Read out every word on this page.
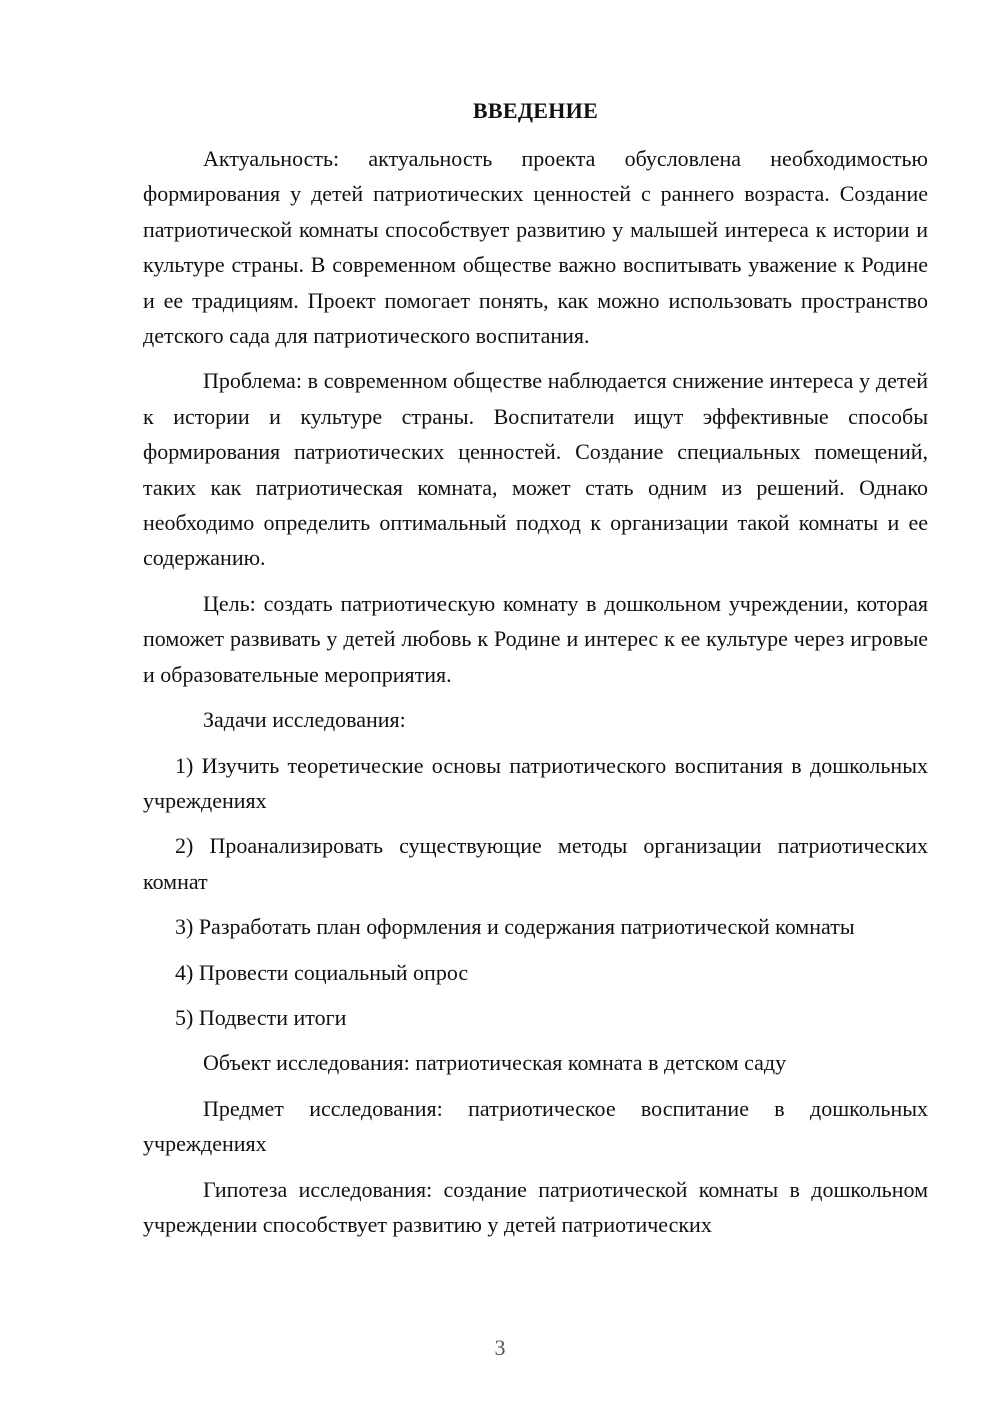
ВВЕДЕНИЕ

Актуальность: актуальность проекта обусловлена необходимостью формирования у детей патриотических ценностей с раннего возраста. Создание патриотической комнаты способствует развитию у малышей интереса к истории и культуре страны. В современном обществе важно воспитывать уважение к Родине и ее традициям. Проект помогает понять, как можно использовать пространство детского сада для патриотического воспитания.

Проблема: в современном обществе наблюдается снижение интереса у детей к истории и культуре страны. Воспитатели ищут эффективные способы формирования патриотических ценностей. Создание специальных помещений, таких как патриотическая комната, может стать одним из решений. Однако необходимо определить оптимальный подход к организации такой комнаты и ее содержанию.

Цель: создать патриотическую комнату в дошкольном учреждении, которая поможет развивать у детей любовь к Родине и интерес к ее культуре через игровые и образовательные мероприятия.

Задачи исследования:

1) Изучить теоретические основы патриотического воспитания в дошкольных учреждениях

2) Проанализировать существующие методы организации патриотических комнат

3) Разработать план оформления и содержания патриотической комнаты

4) Провести социальный опрос

5) Подвести итоги

Объект исследования: патриотическая комната в детском саду

Предмет исследования: патриотическое воспитание в дошкольных учреждениях

Гипотеза исследования: создание патриотической комнаты в дошкольном учреждении способствует развитию у детей патриотических

3
